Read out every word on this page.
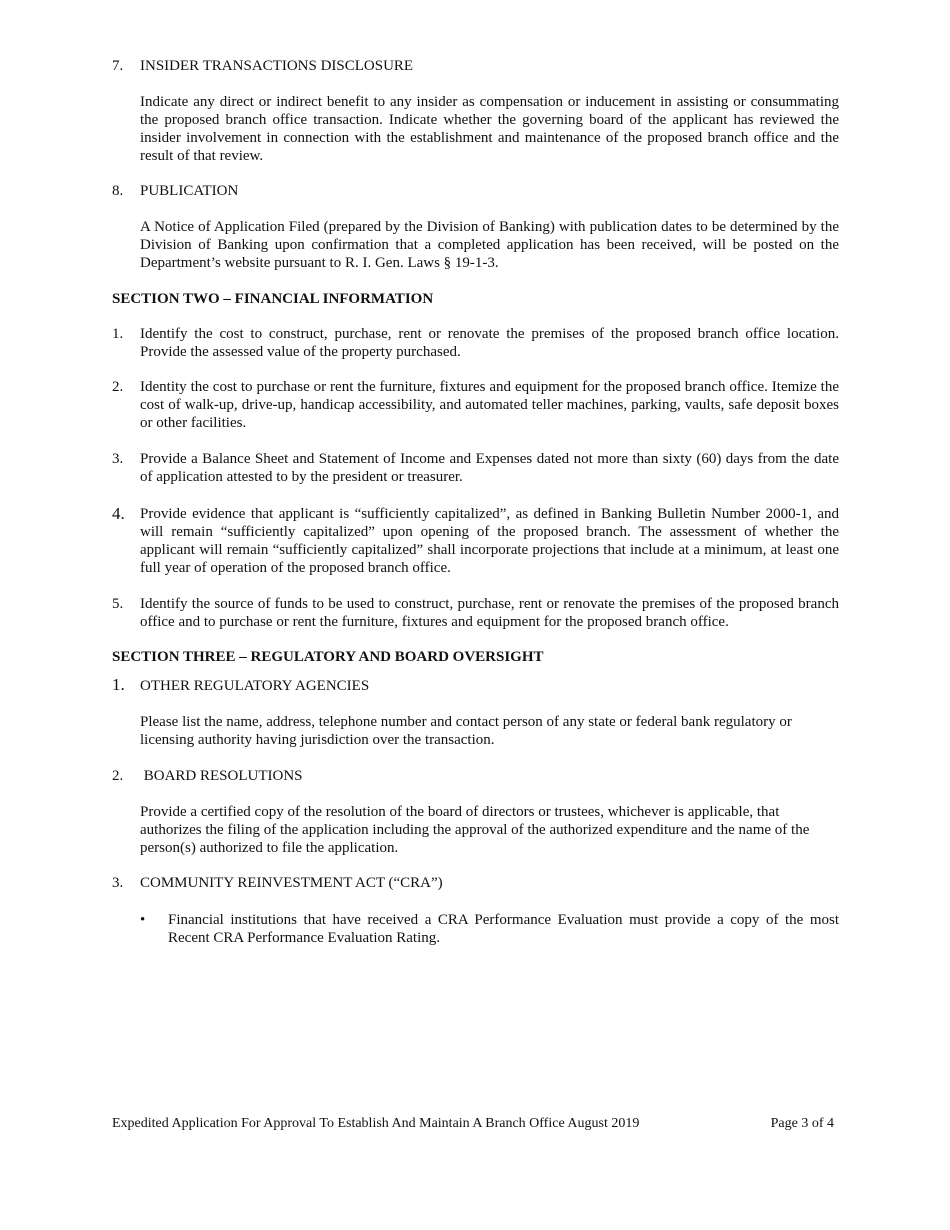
7.	INSIDER TRANSACTIONS DISCLOSURE
Indicate any direct or indirect benefit to any insider as compensation or inducement in assisting or consummating the proposed branch office transaction. Indicate whether the governing board of the applicant has reviewed the insider involvement in connection with the establishment and maintenance of the proposed branch office and the result of that review.
8.	PUBLICATION
A Notice of Application Filed (prepared by the Division of Banking) with publication dates to be determined by the Division of Banking upon confirmation that a completed application has been received, will be posted on the Department’s website pursuant to R. I. Gen. Laws § 19-1-3.
SECTION TWO – FINANCIAL INFORMATION
1.	Identify the cost to construct, purchase, rent or renovate the premises of the proposed branch office location. Provide the assessed value of the property purchased.
2.	Identity the cost to purchase or rent the furniture, fixtures and equipment for the proposed branch office. Itemize the cost of walk-up, drive-up, handicap accessibility, and automated teller machines, parking, vaults, safe deposit boxes or other facilities.
3.	Provide a Balance Sheet and Statement of Income and Expenses dated not more than sixty (60) days from the date of application attested to by the president or treasurer.
4.	Provide evidence that applicant is “sufficiently capitalized”, as defined in Banking Bulletin Number 2000-1, and will remain “sufficiently capitalized” upon opening of the proposed branch. The assessment of whether the applicant will remain “sufficiently capitalized” shall incorporate projections that include at a minimum, at least one full year of operation of the proposed branch office.
5.	Identify the source of funds to be used to construct, purchase, rent or renovate the premises of the proposed branch office and to purchase or rent the furniture, fixtures and equipment for the proposed branch office.
SECTION THREE – REGULATORY AND BOARD OVERSIGHT
1.	OTHER REGULATORY AGENCIES
Please list the name, address, telephone number and contact person of any state or federal bank regulatory or licensing authority having jurisdiction over the transaction.
2.	BOARD RESOLUTIONS
Provide a certified copy of the resolution of the board of directors or trustees, whichever is applicable, that authorizes the filing of the application including the approval of the authorized expenditure and the name of the person(s) authorized to file the application.
3.	COMMUNITY REINVESTMENT ACT (“CRA”)
•	Financial institutions that have received a CRA Performance Evaluation must provide a copy of the most Recent CRA Performance Evaluation Rating.
Expedited Application For Approval To Establish And Maintain A Branch Office August 2019	Page 3 of 4
